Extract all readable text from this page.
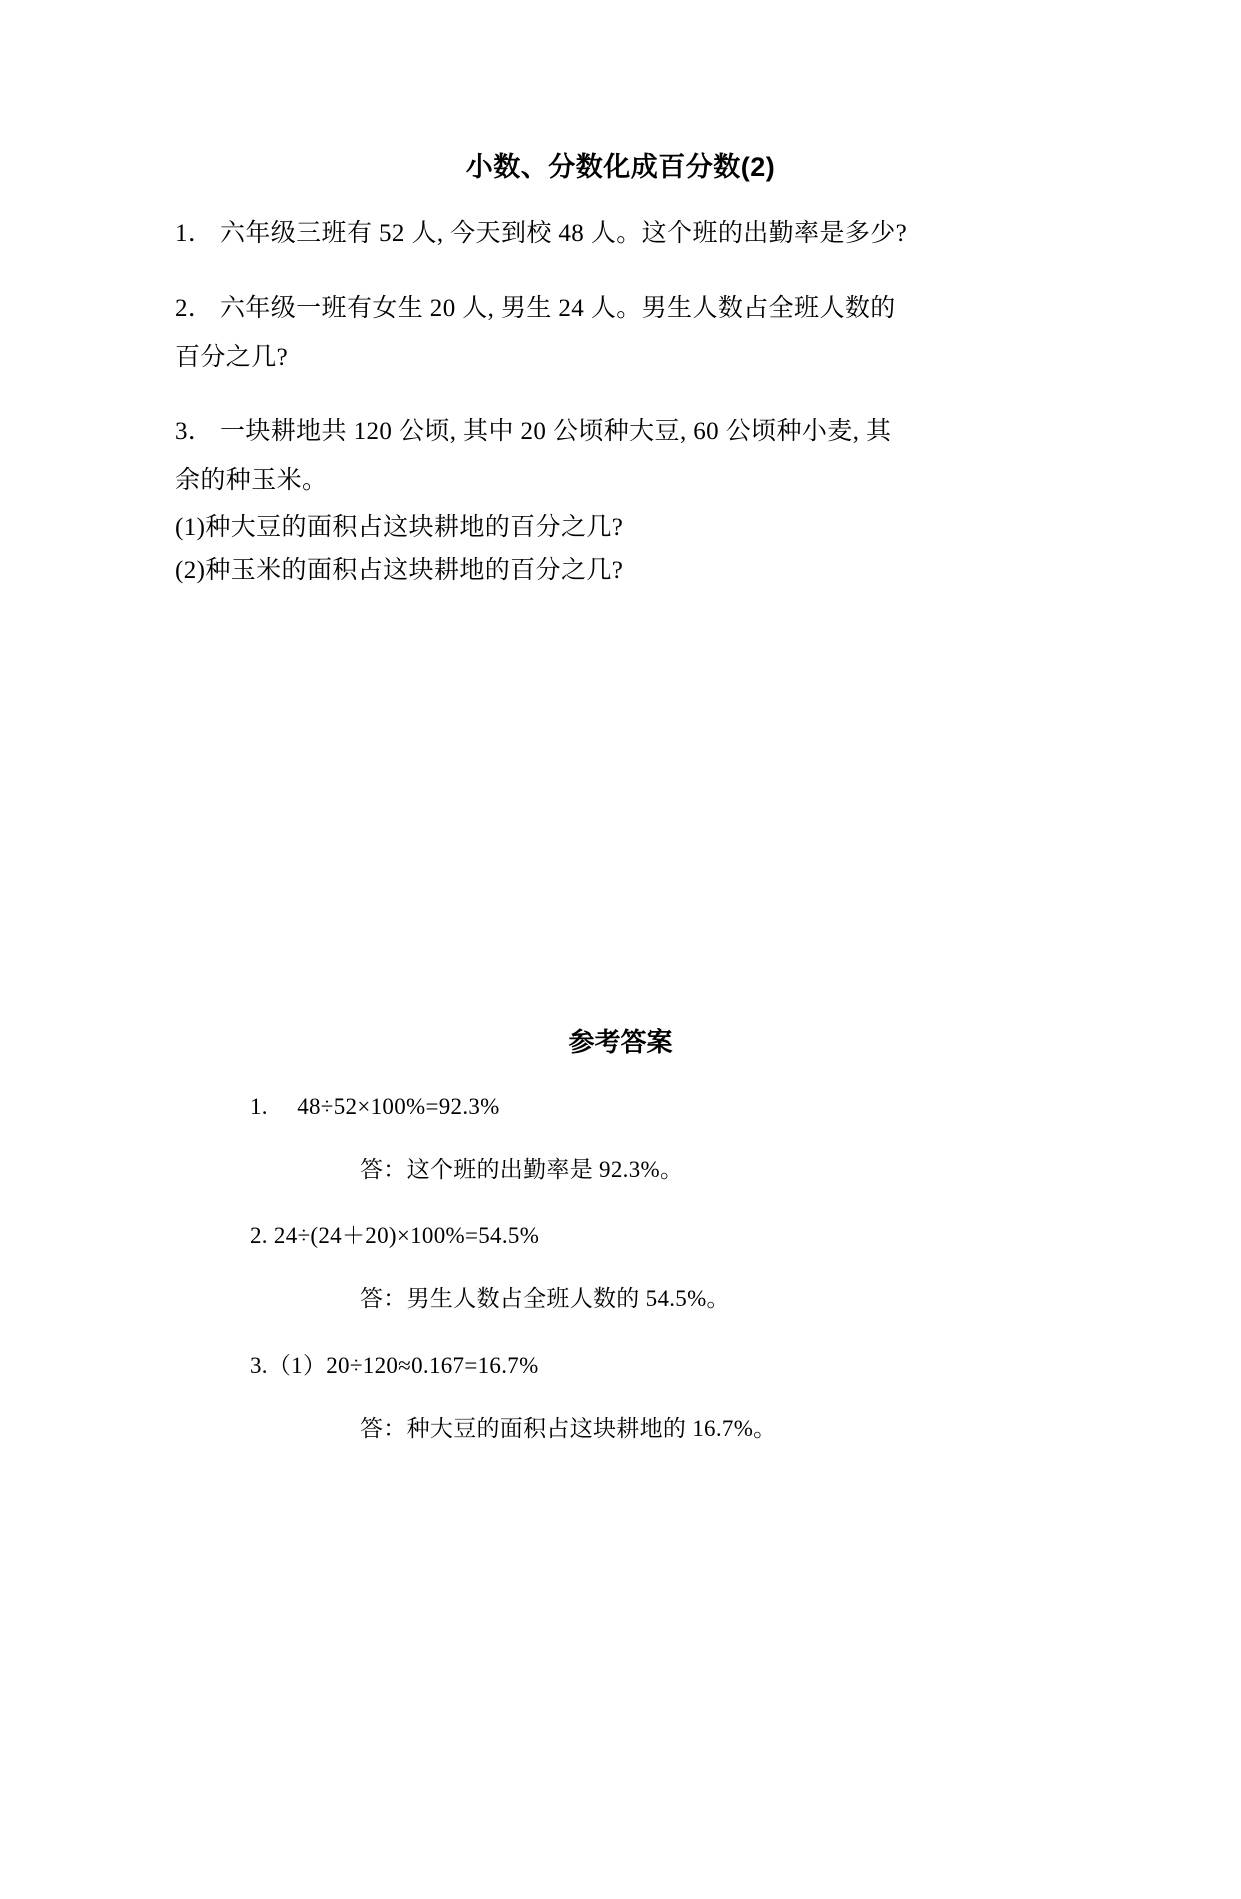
小数、分数化成百分数(2)
1． 六年级三班有 52 人, 今天到校 48 人。这个班的出勤率是多少?
2． 六年级一班有女生 20 人, 男生 24 人。男生人数占全班人数的
百分之几?
3． 一块耕地共 120 公顷, 其中 20 公顷种大豆, 60 公顷种小麦, 其
余的种玉米。
(1)种大豆的面积占这块耕地的百分之几?
(2)种玉米的面积占这块耕地的百分之几?
参考答案
1.　 48÷52×100%=92.3%
答：这个班的出勤率是 92.3%。
2. 24÷(24＋20)×100%=54.5%
答：男生人数占全班人数的 54.5%。
3.（1）20÷120≈0.167=16.7%
答：种大豆的面积占这块耕地的 16.7%。
